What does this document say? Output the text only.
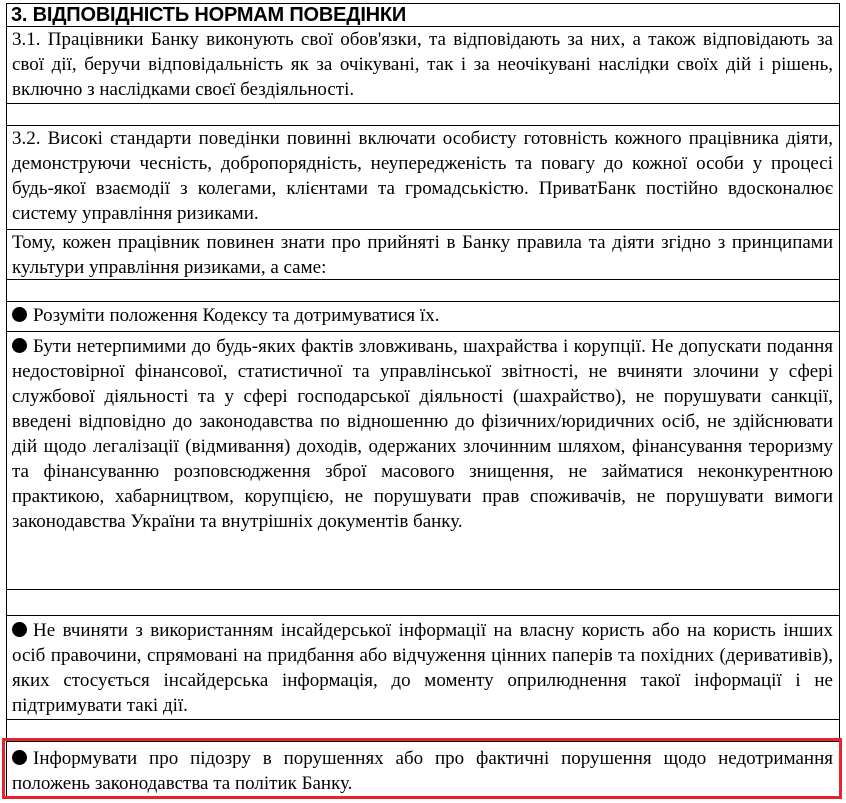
3. ВІДПОВІДНІСТЬ НОРМАМ ПОВЕДІНКИ
3.1. Працівники Банку виконують свої обов'язки, та відповідають за них, а також відповідають за свої дії, беручи відповідальність як за очікувані, так і за неочікувані наслідки своїх дій і рішень, включно з наслідками своєї бездіяльності.
3.2. Високі стандарти поведінки повинні включати особисту готовність кожного працівника діяти, демонструючи чесність, добропорядність, неупередженість та повагу до кожної особи у процесі будь-якої взаємодії з колегами, клієнтами та громадськістю. ПриватБанк постійно вдосконалює систему управління ризиками.
Тому, кожен працівник повинен знати про прийняті в Банку правила та діяти згідно з принципами культури управління ризиками, а саме:
Розуміти положення Кодексу та дотримуватися їх.
Бути нетерпимими до будь-яких фактів зловживань, шахрайства і корупції. Не допускати подання недостовірної фінансової, статистичної та управлінської звітності, не вчиняти злочини у сфері службової діяльності та у сфері господарської діяльності (шахрайство), не порушувати санкції, введені відповідно до законодавства по відношенню до фізичних/юридичних осіб, не здійснювати дій щодо легалізації (відмивання) доходів, одержаних злочинним шляхом, фінансування тероризму та фінансуванню розповсюдження зброї масового знищення, не займатися неконкурентною практикою, хабарництвом, корупцією, не порушувати прав споживачів, не порушувати вимоги законодавства України та внутрішніх документів банку.
Не вчиняти з використанням інсайдерської інформації на власну користь або на користь інших осіб правочини, спрямовані на придбання або відчуження цінних паперів та похідних (деривативів), яких стосується інсайдерська інформація, до моменту оприлюднення такої інформації і не підтримувати такі дії.
Інформувати про підозру в порушеннях або про фактичні порушення щодо недотримання положень законодавства та політик Банку.
